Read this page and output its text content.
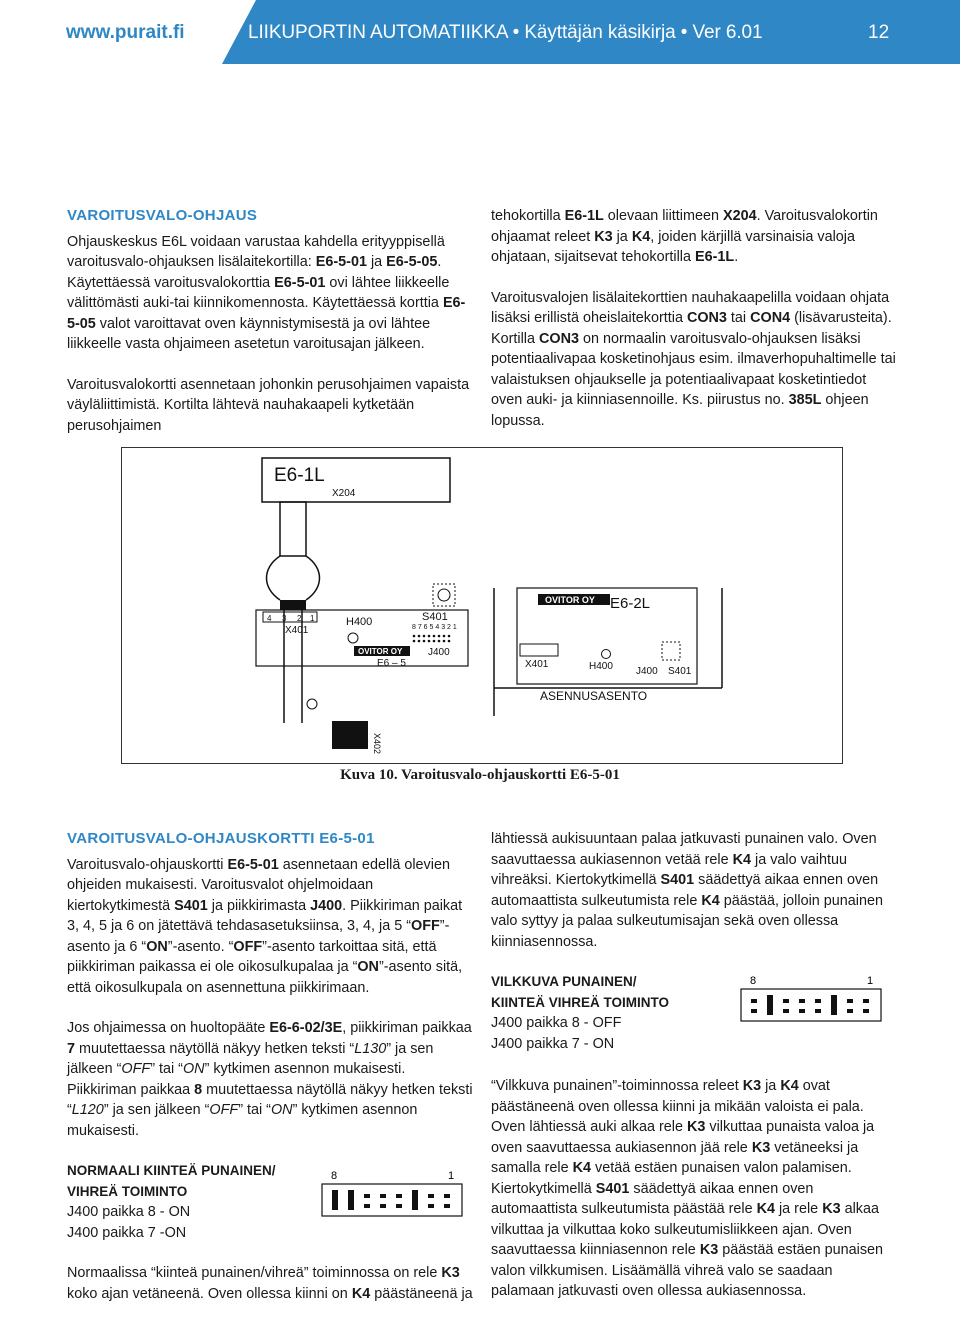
www.purait.fi	LIIKUPORTIN AUTOMATIIKKA • Käyttäjän käsikirja • Ver 6.01	12
VAROITUSVALO-OHJAUS

Ohjauskeskus E6L voidaan varustaa kahdella erityyppisellä varoitusvalo-ohjauksen lisälaitekortilla: E6-5-01 ja E6-5-05. Käytettäessä varoitusvalokorttia E6-5-01 ovi lähtee liikkeelle välittömästi auki-tai kiinnikomennosta. Käytettäessä korttia E6-5-05 valot varoittavat oven käynnistymisestä ja ovi lähtee liikkeelle vasta ohjaimeen asetetun varoitusajan jälkeen.

Varoitusvalokortti asennetaan johonkin perusohjaimen vapaista väyläliittimistä. Kortilta lähtevä nauhakaapeli kytketään perusohjaimen

tehokortilla E6-1L olevaan liittimeen X204. Varoitusvalokortin ohjaamat releet K3 ja K4, joiden kärjillä varsinaisia valoja ohjataan, sijaitsevat tehokortilla E6-1L.

Varoitusvalojen lisälaitekorttien nauhakaapelilla voidaan ohjata lisäksi erillistä oheislaitekorttia CON3 tai CON4 (lisävarusteita). Kortilla CON3 on normaalin varoitusvalo-ohjauksen lisäksi potentiaalivapaa kosketinohjaus esim. ilmaverhopuhaltimelle tai valaistuksen ohjaukselle ja potentiaalivapaat kosketintiedot oven auki- ja kiinniasennoille. Ks. piirustus no. 385L ohjeen lopussa.

E6-1L
X204
4 3 2 1
X401
H400	S401
8 7 6 5 4 3 2 1
OVITOR OY
E6 – 5
J400
X402
OVITOR OY E6-2L
X401	H400 J400 S401
ASENNUSASENTO
Kuva 10. Varoitusvalo-ohjauskortti E6-5-01
VAROITUSVALO-OHJAUSKORTTI E6-5-01

Varoitusvalo-ohjauskortti E6-5-01 asennetaan edellä olevien ohjeiden mukaisesti. Varoitusvalot ohjelmoidaan kiertokytkimestä S401 ja piikkirimasta J400. Piikkiriman paikat 3, 4, 5 ja 6 on jätettävä tehdasasetuksiinsa, 3, 4, ja 5 “OFF”-asento ja 6 “ON”-asento. “OFF”-asento tarkoittaa sitä, että piikkiriman paikassa ei ole oikosulkupalaa ja “ON”-asento sitä, että oikosulkupala on asennettuna piikkirimaan.

Jos ohjaimessa on huoltopääte E6-6-02/3E, piikkiriman paikkaa 7 muutettaessa näytöllä näkyy hetken teksti “L130” ja sen jälkeen “OFF” tai “ON” kytkimen asennon mukaisesti. Piikkiriman paikkaa 8 muutettaessa näytöllä näkyy hetken teksti “L120” ja sen jälkeen “OFF” tai “ON” kytkimen asennon mukaisesti.

NORMAALI KIINTEÄ PUNAINEN/
VIHREÄ TOIMINTO
J400 paikka 8 - ON
J400 paikka 7 -ON

Normaalissa “kiinteä punainen/vihreä” toiminnossa on rele K3 koko ajan vetäneenä. Oven ollessa kiinni on K4 päästäneenä ja

8	1

lähtiessä aukisuuntaan palaa jatkuvasti punainen valo. Oven saavuttaessa aukiasennon vetää rele K4 ja valo vaihtuu vihreäksi. Kiertokytkimellä S401 säädettyä aikaa ennen oven automaattista sulkeutumista rele K4 päästää, jolloin punainen valo syttyy ja palaa sulkeutumisajan sekä oven ollessa kiinniasennossa.

VILKKUVA PUNAINEN/
KIINTEÄ VIHREÄ TOIMINTO
J400 paikka 8 - OFF
J400 paikka 7 - ON

“Vilkkuva punainen”-toiminnossa releet K3 ja K4 ovat päästäneenä oven ollessa kiinni ja mikään valoista ei pala. Oven lähtiessä auki alkaa rele K3 vilkuttaa punaista valoa ja oven saavuttaessa aukiasennon jää rele K3 vetäneeksi ja samalla rele K4 vetää estäen punaisen valon palamisen. Kiertokytkimellä S401 säädettyä aikaa ennen oven automaattista sulkeutumista päästää rele K4 ja rele K3 alkaa vilkuttaa ja vilkuttaa koko sulkeutumisliikkeen ajan. Oven saavuttaessa kiinniasennon rele K3 päästää estäen punaisen valon vilkkumisen. Lisäämällä vihreä valo se saadaan palamaan jatkuvasti oven ollessa aukiasennossa.

8	1
